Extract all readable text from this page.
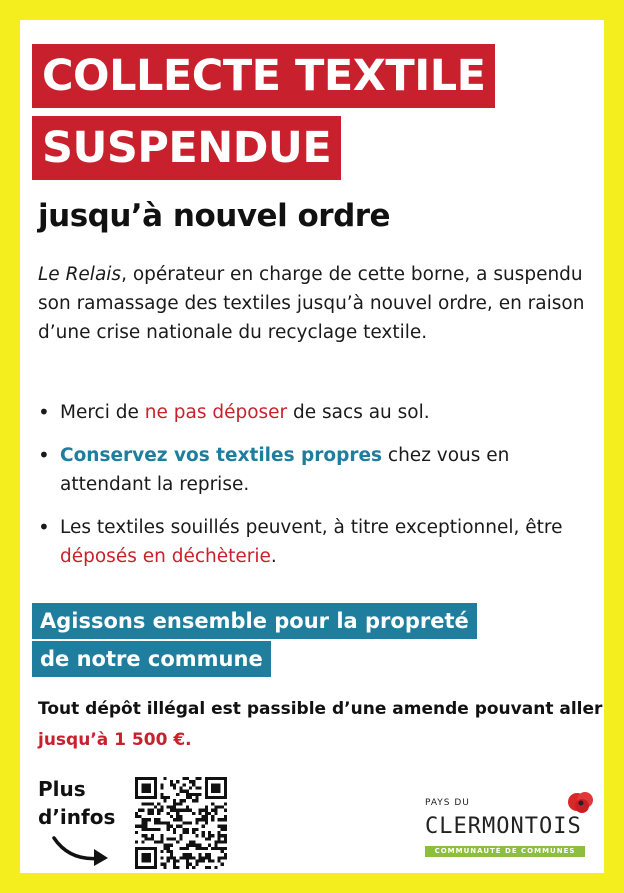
COLLECTE TEXTILE
SUSPENDUE
jusqu’à nouvel ordre

Le Relais, opérateur en charge de cette borne, a suspendu son ramassage des textiles jusqu’à nouvel ordre, en raison d’une crise nationale du recyclage textile.

• Merci de ne pas déposer de sacs au sol.
• Conservez vos textiles propres chez vous en attendant la reprise.
• Les textiles souillés peuvent, à titre exceptionnel, être déposés en déchèterie.
Agissons ensemble pour la propreté
de notre commune

Tout dépôt illégal est passible d’une amende pouvant aller jusqu’à 1 500 €.

Plus
d’infos
PAYS DU
CLERMONTOIS
COMMUNAUTÉ DE COMMUNES
